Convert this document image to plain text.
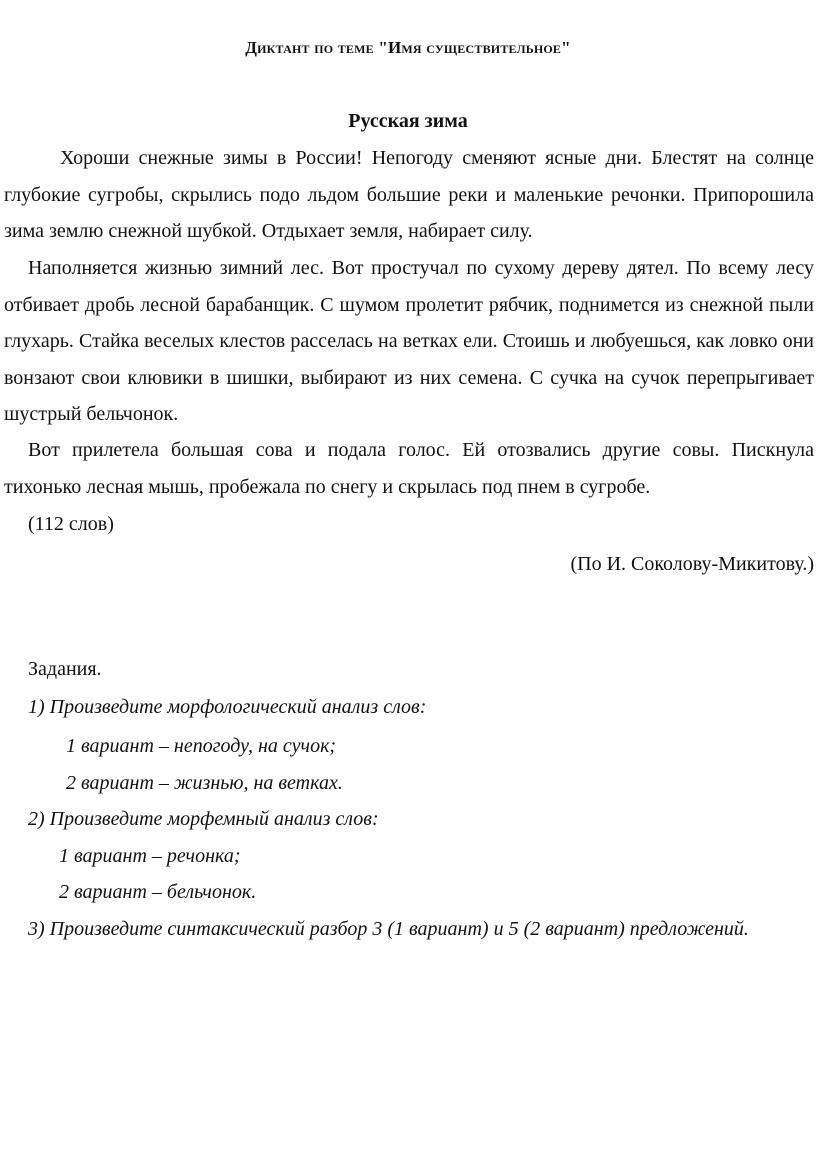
Диктант по теме "Имя существительное"
Русская зима
Хороши снежные зимы в России! Непогоду сменяют ясные дни. Блестят на солнце глубокие сугробы, скрылись подо льдом большие реки и маленькие речонки. Припорошила зима землю снежной шубкой. Отдыхает земля, набирает силу.
Наполняется жизнью зимний лес. Вот простучал по сухому дереву дятел. По всему лесу отбивает дробь лесной барабанщик. С шумом пролетит рябчик, поднимется из снежной пыли глухарь. Стайка веселых клестов расселась на ветках ели. Стоишь и любуешься, как ловко они вонзают свои клювики в шишки, выбирают из них семена. С сучка на сучок перепрыгивает шустрый бельчонок.
Вот прилетела большая сова и подала голос. Ей отозвались другие совы. Пискнула тихонько лесная мышь, пробежала по снегу и скрылась под пнем в сугробе.
(112 слов)
(По И. Соколову-Микитову.)
Задания.
1) Произведите морфологический анализ слов:
1 вариант – непогоду, на сучок;
2 вариант – жизнью, на ветках.
2) Произведите морфемный анализ слов:
1 вариант – речонка;
2 вариант – бельчонок.
3) Произведите синтаксический разбор 3 (1 вариант) и 5 (2 вариант) предложений.
